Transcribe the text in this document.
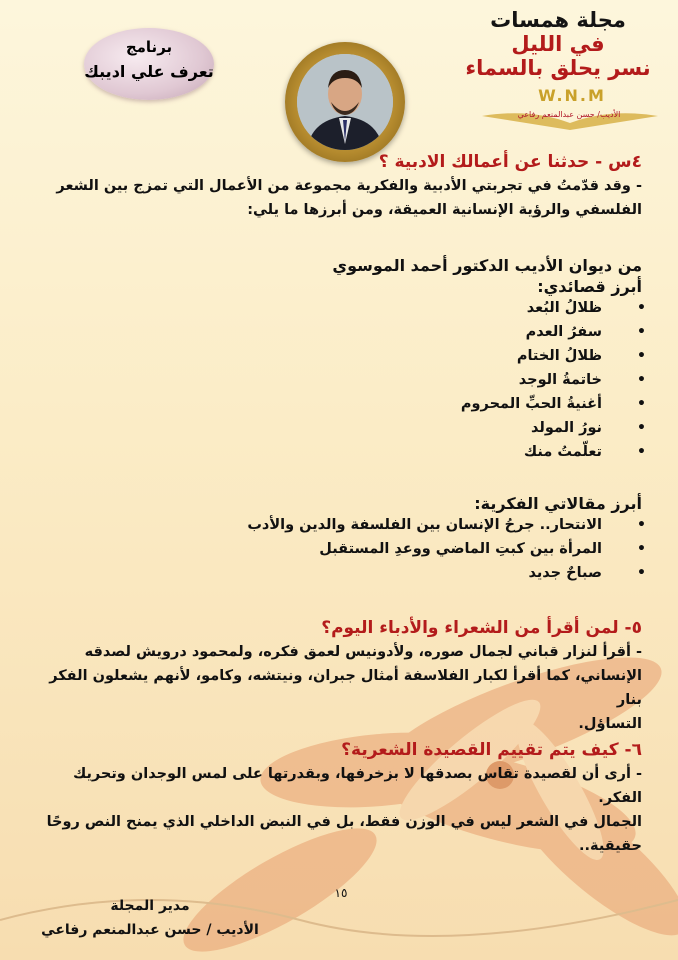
برنامج
تعرف علي اديبك
مجلة همسات
في الليل
نسر يحلق بالسماء
W.N.M
الأديب/ حسن عبدالمنعم رفاعي
٤س - حدثنا عن أعمالك الادبية ؟
- وقد قدّمتُ في تجربتي الأدبية والفكرية مجموعة من الأعمال التي تمزج بين الشعر
الفلسفي والرؤية الإنسانية العميقة، ومن أبرزها ما يلي:
من ديوان الأديب الدكتور أحمد الموسوي
أبرز قصائدي:
• ظلالُ البُعد
• سفرُ العدم
• ظلالُ الختام
• خاتمةُ الوجد
• أغنيةُ الحبِّ المحروم
• نورُ المولد
• تعلّمتُ منك
أبرز مقالاتي الفكرية:
• الانتحار.. جرحُ الإنسان بين الفلسفة والدين والأدب
• المرأة بين كبتِ الماضي ووعدِ المستقبل
• صباحٌ جديد
٥- لمن أقرأ من الشعراء والأدباء اليوم؟
- أقرأ لنزار قباني لجمال صوره، ولأدونيس لعمق فكره، ولمحمود درويش لصدقه
الإنساني، كما أقرأ لكبار الفلاسفة أمثال جبران، ونيتشه، وكامو، لأنهم يشعلون الفكر بنار
التساؤل.
٦- كيف يتم تقييم القصيدة الشعرية؟
- أرى أن لقصيدة تقاس بصدقها لا بزخرفها، وبقدرتها على لمس الوجدان وتحريك الفكر.
الجمال في الشعر ليس في الوزن فقط، بل في النبض الداخلي الذي يمنح النص روحًا
حقيقية..
١٥
مدير المجلة
الأديب / حسن عبدالمنعم رفاعي
